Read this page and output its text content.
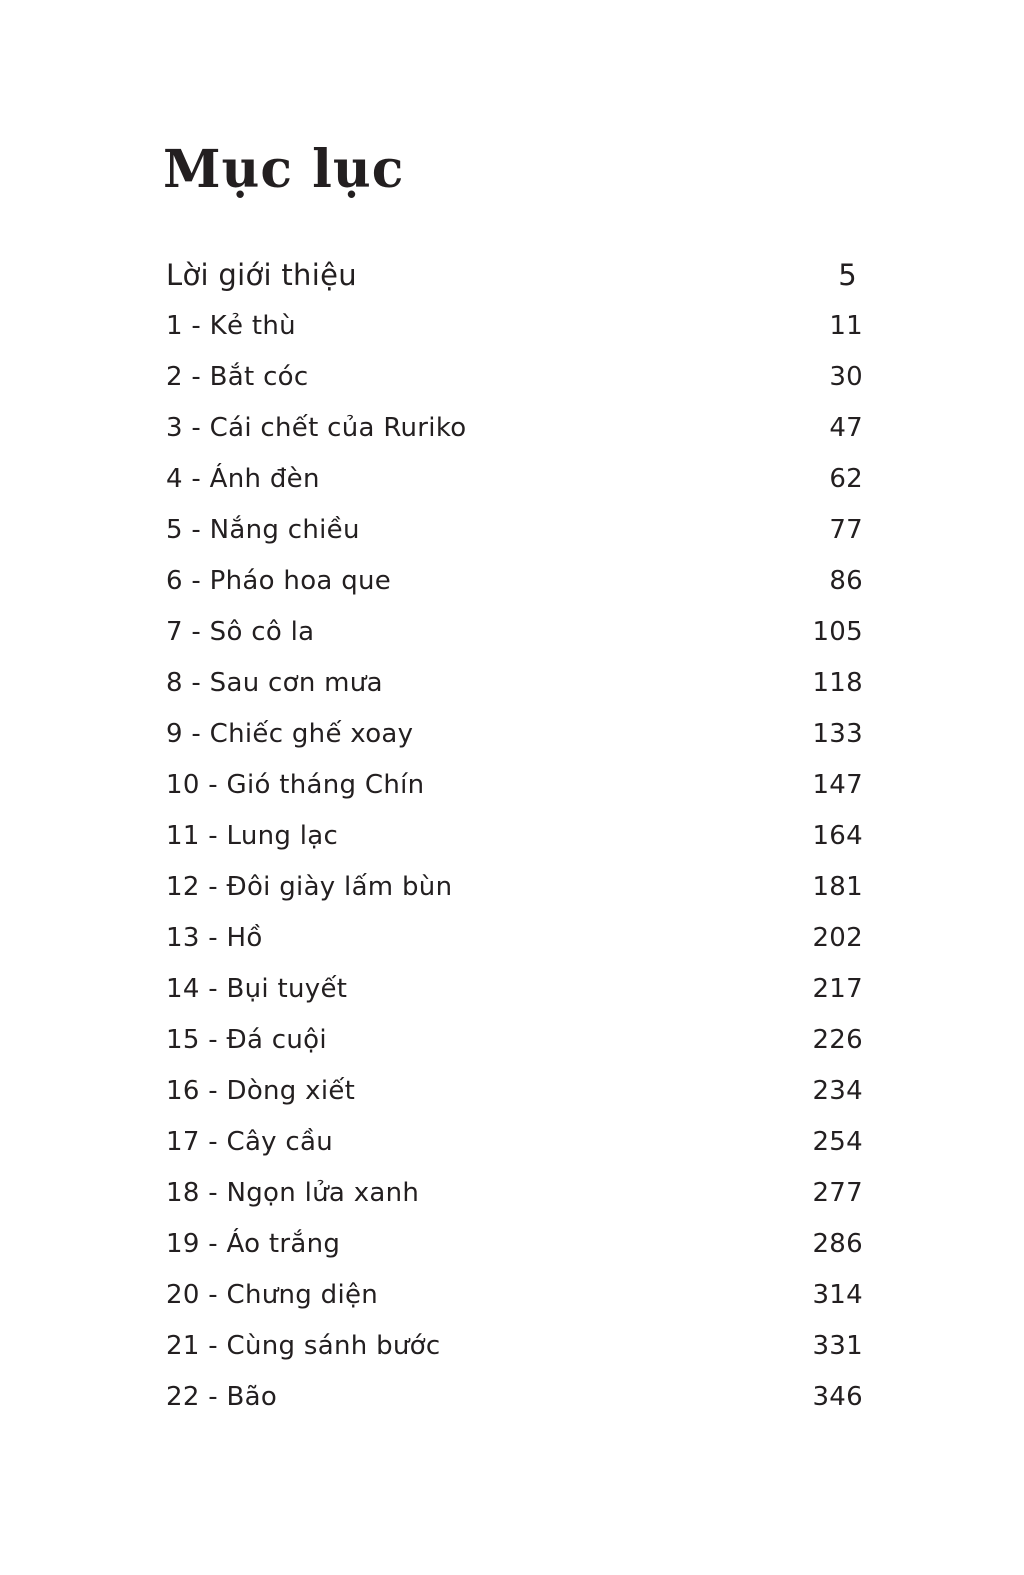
Mục lục
Lời giới thiệu	5
1 - Kẻ thù	11
2 - Bắt cóc	30
3 - Cái chết của Ruriko	47
4 - Ánh đèn	62
5 - Nắng chiều	77
6 - Pháo hoa que	86
7 - Sô cô la	105
8 - Sau cơn mưa	118
9 - Chiếc ghế xoay	133
10 - Gió tháng Chín	147
11 - Lung lạc	164
12 - Đôi giày lấm bùn	181
13 - Hồ	202
14 - Bụi tuyết	217
15 - Đá cuội	226
16 - Dòng xiết	234
17 - Cây cầu	254
18 - Ngọn lửa xanh	277
19 - Áo trắng	286
20 - Chưng diện	314
21 - Cùng sánh bước	331
22 - Bão	346
